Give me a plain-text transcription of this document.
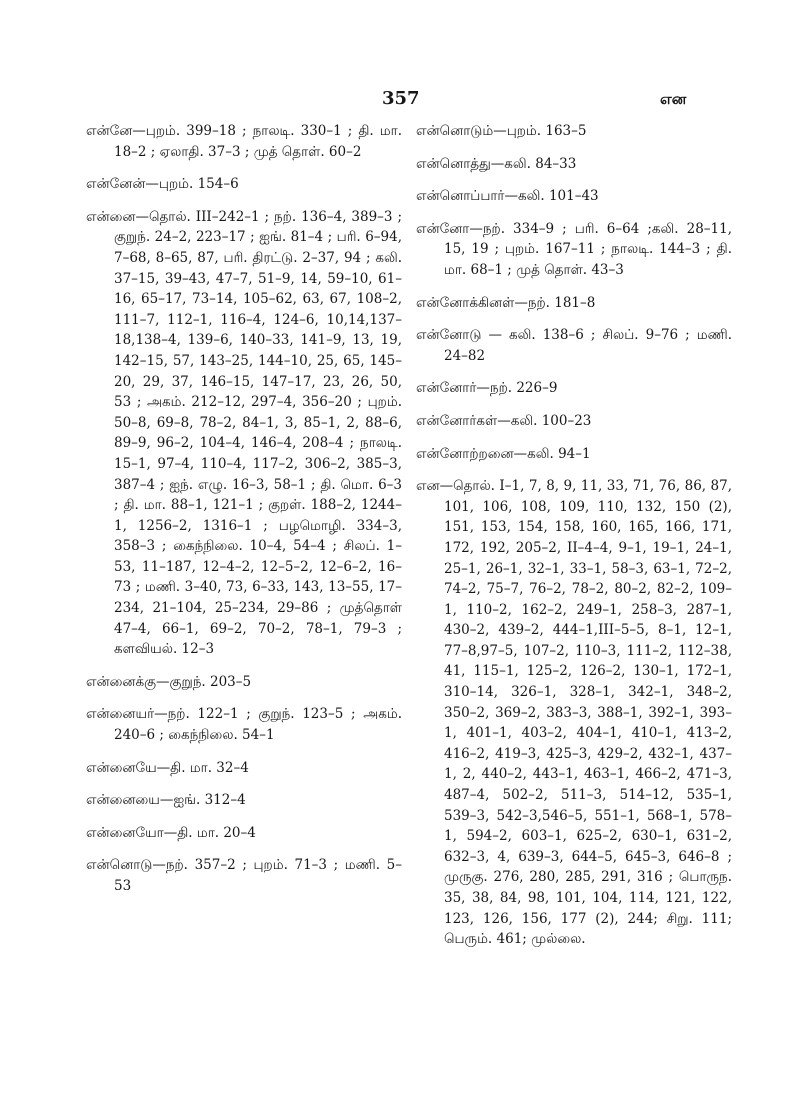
357	என

என்னே—புறம். 399–18 ; நாலடி. 330–1 ; தி. மா. 18–2 ; ஏலாதி. 37–3 ; முத் தொள். 60–2

என்னேன்—புறம். 154–6

என்னை—தொல். III–242–1 ; நற். 136–4, 389–3 ; குறுந். 24–2, 223–17 ; ஐங். 81–4 ; பரி. 6–94, 7–68, 8–65, 87, பரி. திரட்டு. 2–37, 94 ; கலி. 37–15, 39–43, 47–7, 51–9, 14, 59–10, 61–16, 65–17, 73–14, 105–62, 63, 67, 108–2, 111–7, 112–1, 116–4, 124–6, 10,14,137–18,138–4, 139–6, 140–33, 141–9, 13, 19, 142–15, 57, 143–25, 144–10, 25, 65, 145–20, 29, 37, 146–15, 147–17, 23, 26, 50, 53 ; அகம். 212–12, 297–4, 356–20 ; புறம். 50–8, 69–8, 78–2, 84–1, 3, 85–1, 2, 88–6, 89–9, 96–2, 104–4, 146–4, 208–4 ; நாலடி. 15–1, 97–4, 110–4, 117–2, 306–2, 385–3, 387–4 ; ஐந். எழு. 16–3, 58–1 ; தி. மொ. 6–3 ; தி. மா. 88–1, 121–1 ; குறள். 188–2, 1244–1, 1256–2, 1316–1 ; பழமொழி. 334–3, 358–3 ; கைந்நிலை. 10–4, 54–4 ; சிலப். 1–53, 11–187, 12–4–2, 12–5–2, 12–6–2, 16–73 ; மணி. 3–40, 73, 6–33, 143, 13–55, 17–234, 21–104, 25–234, 29–86 ; முத்தொள் 47–4, 66–1, 69–2, 70–2, 78–1, 79–3 ; களவியல். 12–3

என்னைக்கு—குறுந். 203–5

என்னையர்—நற். 122–1 ; குறுந். 123–5 ; அகம். 240–6 ; கைந்நிலை. 54–1

என்னையே—தி. மா. 32–4

என்னையை—ஐங். 312–4

என்னையோ—தி. மா. 20–4

என்னொடு—நற். 357–2 ; புறம். 71–3 ; மணி. 5–53

என்னொடும்—புறம். 163–5

என்னொத்து—கலி. 84–33

என்னொப்பார்—கலி. 101–43

என்னோ—நற். 334–9 ; பரி. 6–64 ;கலி. 28–11, 15, 19 ; புறம். 167–11 ; நாலடி. 144–3 ; தி. மா. 68–1 ; முத் தொள். 43–3

என்னோக்கினள்—நற். 181–8

என்னோடு — கலி. 138–6 ; சிலப். 9–76 ; மணி. 24–82

என்னோர்—நற். 226–9

என்னோர்கள்—கலி. 100–23

என்னோற்றனை—கலி. 94–1

என—தொல். I–1, 7, 8, 9, 11, 33, 71, 76, 86, 87, 101, 106, 108, 109, 110, 132, 150 (2), 151, 153, 154, 158, 160, 165, 166, 171, 172, 192, 205–2, II–4–4, 9–1, 19–1, 24–1, 25–1, 26–1, 32–1, 33–1, 58–3, 63–1, 72–2, 74–2, 75–7, 76–2, 78–2, 80–2, 82–2, 109–1, 110–2, 162–2, 249–1, 258–3, 287–1, 430–2, 439–2, 444–1,III–5–5, 8–1, 12–1, 77–8,97–5, 107–2, 110–3, 111–2, 112–38, 41, 115–1, 125–2, 126–2, 130–1, 172–1, 310–14, 326–1, 328–1, 342–1, 348–2, 350–2, 369–2, 383–3, 388–1, 392–1, 393–1, 401–1, 403–2, 404–1, 410–1, 413–2, 416–2, 419–3, 425–3, 429–2, 432–1, 437–1, 2, 440–2, 443–1, 463–1, 466–2, 471–3, 487–4, 502–2, 511–3, 514–12, 535–1, 539–3, 542–3,546–5, 551–1, 568–1, 578–1, 594–2, 603–1, 625–2, 630–1, 631–2, 632–3, 4, 639–3, 644–5, 645–3, 646–8 ; முருகு. 276, 280, 285, 291, 316 ; பொருந. 35, 38, 84, 98, 101, 104, 114, 121, 122, 123, 126, 156, 177 (2), 244; சிறு. 111; பெரும். 461; முல்லை.
